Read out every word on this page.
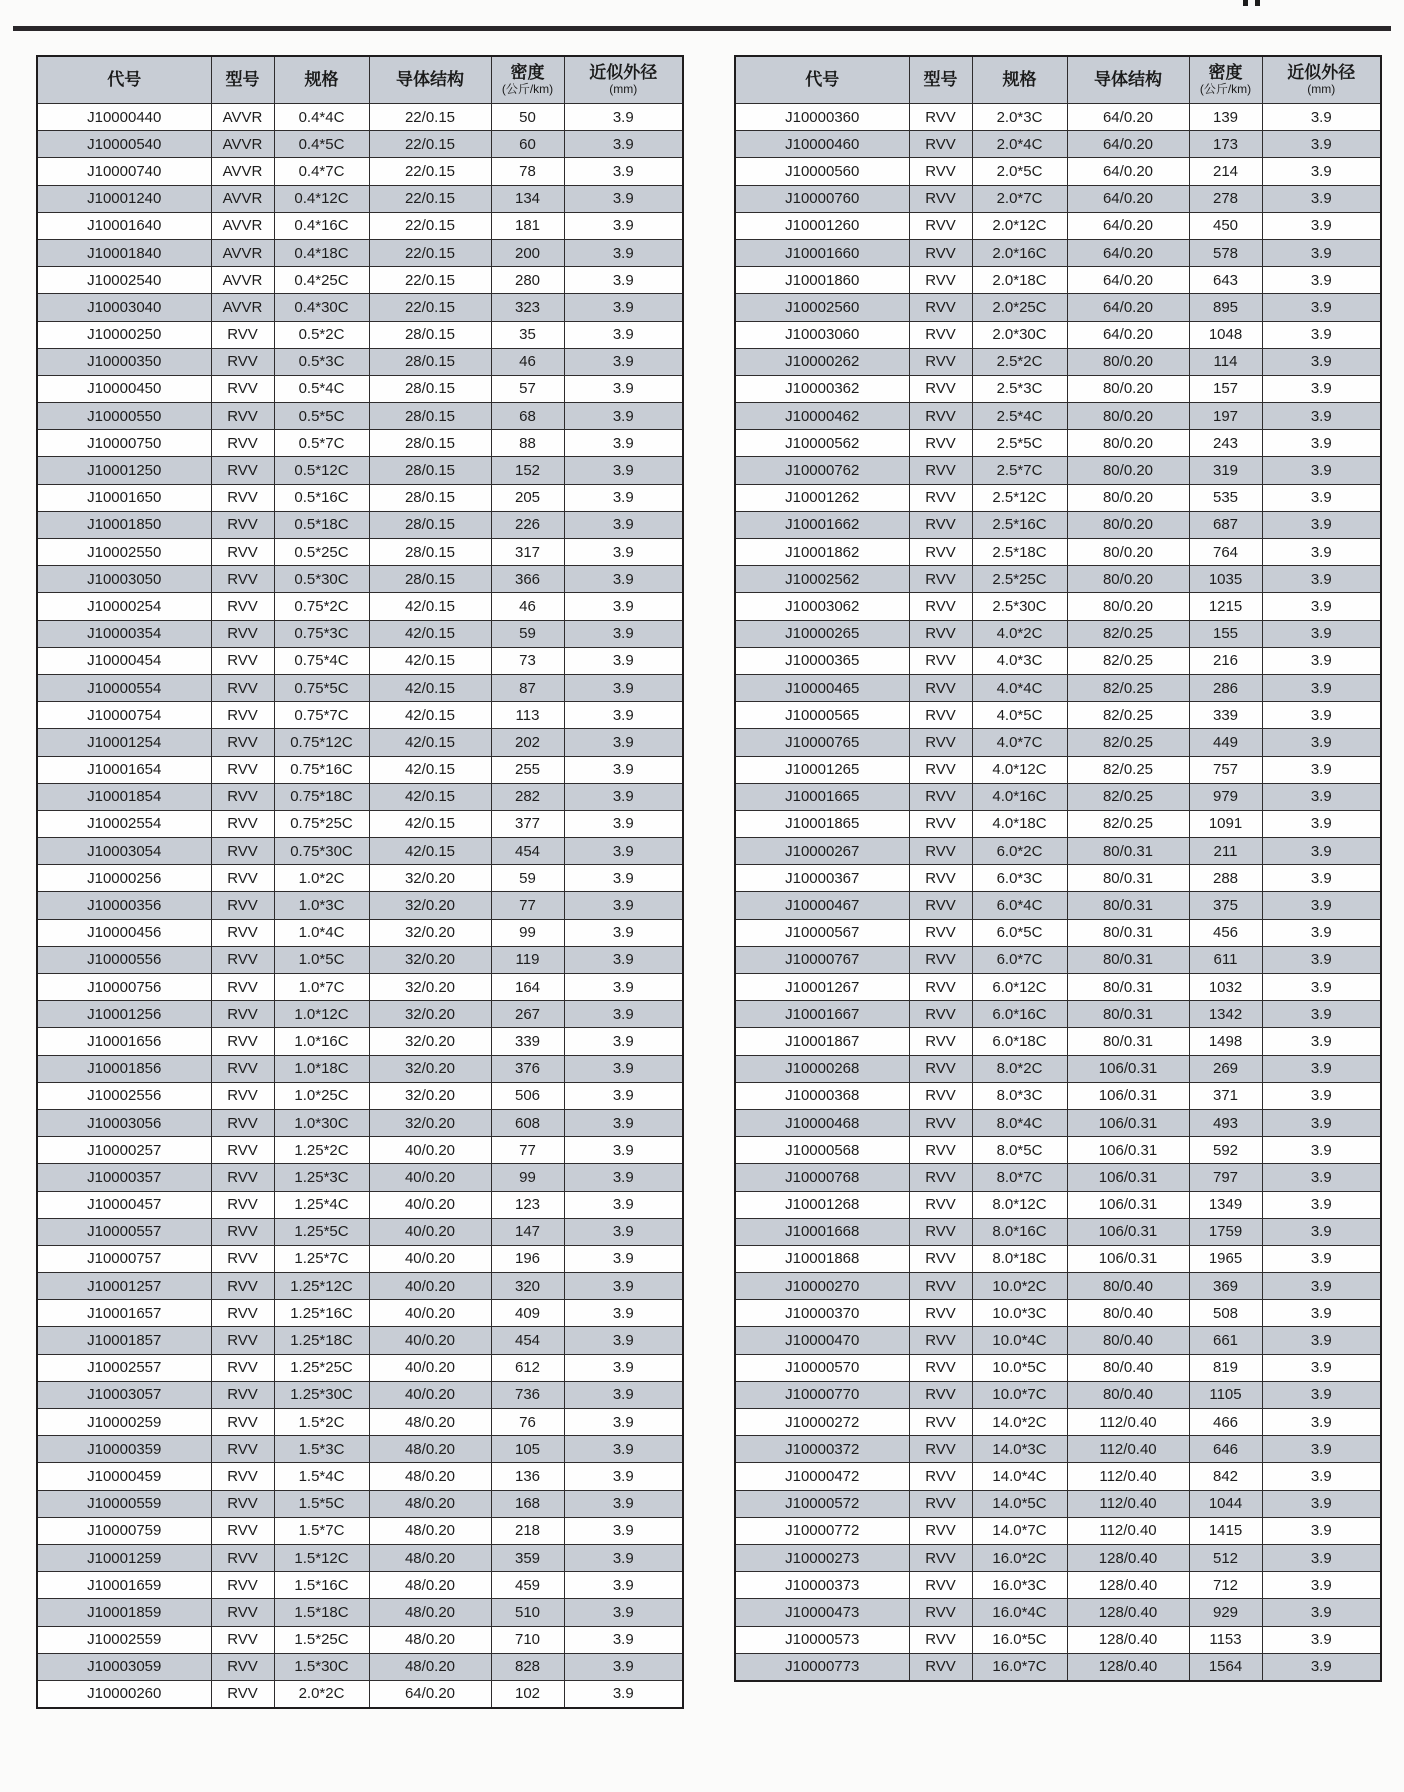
代号	型号	规格	导体结构	密度
(公斤/km)	近似外径
(mm)

J10000440	AVVR	0.4*4C	22/0.15	50	3.9
J10000540	AVVR	0.4*5C	22/0.15	60	3.9
J10000740	AVVR	0.4*7C	22/0.15	78	3.9
J10001240	AVVR	0.4*12C	22/0.15	134	3.9
J10001640	AVVR	0.4*16C	22/0.15	181	3.9
J10001840	AVVR	0.4*18C	22/0.15	200	3.9
J10002540	AVVR	0.4*25C	22/0.15	280	3.9
J10003040	AVVR	0.4*30C	22/0.15	323	3.9
J10000250	RVV	0.5*2C	28/0.15	35	3.9
J10000350	RVV	0.5*3C	28/0.15	46	3.9
J10000450	RVV	0.5*4C	28/0.15	57	3.9
J10000550	RVV	0.5*5C	28/0.15	68	3.9
J10000750	RVV	0.5*7C	28/0.15	88	3.9
J10001250	RVV	0.5*12C	28/0.15	152	3.9
J10001650	RVV	0.5*16C	28/0.15	205	3.9
J10001850	RVV	0.5*18C	28/0.15	226	3.9
J10002550	RVV	0.5*25C	28/0.15	317	3.9
J10003050	RVV	0.5*30C	28/0.15	366	3.9
J10000254	RVV	0.75*2C	42/0.15	46	3.9
J10000354	RVV	0.75*3C	42/0.15	59	3.9
J10000454	RVV	0.75*4C	42/0.15	73	3.9
J10000554	RVV	0.75*5C	42/0.15	87	3.9
J10000754	RVV	0.75*7C	42/0.15	113	3.9
J10001254	RVV	0.75*12C	42/0.15	202	3.9
J10001654	RVV	0.75*16C	42/0.15	255	3.9
J10001854	RVV	0.75*18C	42/0.15	282	3.9
J10002554	RVV	0.75*25C	42/0.15	377	3.9
J10003054	RVV	0.75*30C	42/0.15	454	3.9
J10000256	RVV	1.0*2C	32/0.20	59	3.9
J10000356	RVV	1.0*3C	32/0.20	77	3.9
J10000456	RVV	1.0*4C	32/0.20	99	3.9
J10000556	RVV	1.0*5C	32/0.20	119	3.9
J10000756	RVV	1.0*7C	32/0.20	164	3.9
J10001256	RVV	1.0*12C	32/0.20	267	3.9
J10001656	RVV	1.0*16C	32/0.20	339	3.9
J10001856	RVV	1.0*18C	32/0.20	376	3.9
J10002556	RVV	1.0*25C	32/0.20	506	3.9
J10003056	RVV	1.0*30C	32/0.20	608	3.9
J10000257	RVV	1.25*2C	40/0.20	77	3.9
J10000357	RVV	1.25*3C	40/0.20	99	3.9
J10000457	RVV	1.25*4C	40/0.20	123	3.9
J10000557	RVV	1.25*5C	40/0.20	147	3.9
J10000757	RVV	1.25*7C	40/0.20	196	3.9
J10001257	RVV	1.25*12C	40/0.20	320	3.9
J10001657	RVV	1.25*16C	40/0.20	409	3.9
J10001857	RVV	1.25*18C	40/0.20	454	3.9
J10002557	RVV	1.25*25C	40/0.20	612	3.9
J10003057	RVV	1.25*30C	40/0.20	736	3.9
J10000259	RVV	1.5*2C	48/0.20	76	3.9
J10000359	RVV	1.5*3C	48/0.20	105	3.9
J10000459	RVV	1.5*4C	48/0.20	136	3.9
J10000559	RVV	1.5*5C	48/0.20	168	3.9
J10000759	RVV	1.5*7C	48/0.20	218	3.9
J10001259	RVV	1.5*12C	48/0.20	359	3.9
J10001659	RVV	1.5*16C	48/0.20	459	3.9
J10001859	RVV	1.5*18C	48/0.20	510	3.9
J10002559	RVV	1.5*25C	48/0.20	710	3.9
J10003059	RVV	1.5*30C	48/0.20	828	3.9
J10000260	RVV	2.0*2C	64/0.20	102	3.9
代号	型号	规格	导体结构	密度
(公斤/km)	近似外径
(mm)

J10000360	RVV	2.0*3C	64/0.20	139	3.9
J10000460	RVV	2.0*4C	64/0.20	173	3.9
J10000560	RVV	2.0*5C	64/0.20	214	3.9
J10000760	RVV	2.0*7C	64/0.20	278	3.9
J10001260	RVV	2.0*12C	64/0.20	450	3.9
J10001660	RVV	2.0*16C	64/0.20	578	3.9
J10001860	RVV	2.0*18C	64/0.20	643	3.9
J10002560	RVV	2.0*25C	64/0.20	895	3.9
J10003060	RVV	2.0*30C	64/0.20	1048	3.9
J10000262	RVV	2.5*2C	80/0.20	114	3.9
J10000362	RVV	2.5*3C	80/0.20	157	3.9
J10000462	RVV	2.5*4C	80/0.20	197	3.9
J10000562	RVV	2.5*5C	80/0.20	243	3.9
J10000762	RVV	2.5*7C	80/0.20	319	3.9
J10001262	RVV	2.5*12C	80/0.20	535	3.9
J10001662	RVV	2.5*16C	80/0.20	687	3.9
J10001862	RVV	2.5*18C	80/0.20	764	3.9
J10002562	RVV	2.5*25C	80/0.20	1035	3.9
J10003062	RVV	2.5*30C	80/0.20	1215	3.9
J10000265	RVV	4.0*2C	82/0.25	155	3.9
J10000365	RVV	4.0*3C	82/0.25	216	3.9
J10000465	RVV	4.0*4C	82/0.25	286	3.9
J10000565	RVV	4.0*5C	82/0.25	339	3.9
J10000765	RVV	4.0*7C	82/0.25	449	3.9
J10001265	RVV	4.0*12C	82/0.25	757	3.9
J10001665	RVV	4.0*16C	82/0.25	979	3.9
J10001865	RVV	4.0*18C	82/0.25	1091	3.9
J10000267	RVV	6.0*2C	80/0.31	211	3.9
J10000367	RVV	6.0*3C	80/0.31	288	3.9
J10000467	RVV	6.0*4C	80/0.31	375	3.9
J10000567	RVV	6.0*5C	80/0.31	456	3.9
J10000767	RVV	6.0*7C	80/0.31	611	3.9
J10001267	RVV	6.0*12C	80/0.31	1032	3.9
J10001667	RVV	6.0*16C	80/0.31	1342	3.9
J10001867	RVV	6.0*18C	80/0.31	1498	3.9
J10000268	RVV	8.0*2C	106/0.31	269	3.9
J10000368	RVV	8.0*3C	106/0.31	371	3.9
J10000468	RVV	8.0*4C	106/0.31	493	3.9
J10000568	RVV	8.0*5C	106/0.31	592	3.9
J10000768	RVV	8.0*7C	106/0.31	797	3.9
J10001268	RVV	8.0*12C	106/0.31	1349	3.9
J10001668	RVV	8.0*16C	106/0.31	1759	3.9
J10001868	RVV	8.0*18C	106/0.31	1965	3.9
J10000270	RVV	10.0*2C	80/0.40	369	3.9
J10000370	RVV	10.0*3C	80/0.40	508	3.9
J10000470	RVV	10.0*4C	80/0.40	661	3.9
J10000570	RVV	10.0*5C	80/0.40	819	3.9
J10000770	RVV	10.0*7C	80/0.40	1105	3.9
J10000272	RVV	14.0*2C	112/0.40	466	3.9
J10000372	RVV	14.0*3C	112/0.40	646	3.9
J10000472	RVV	14.0*4C	112/0.40	842	3.9
J10000572	RVV	14.0*5C	112/0.40	1044	3.9
J10000772	RVV	14.0*7C	112/0.40	1415	3.9
J10000273	RVV	16.0*2C	128/0.40	512	3.9
J10000373	RVV	16.0*3C	128/0.40	712	3.9
J10000473	RVV	16.0*4C	128/0.40	929	3.9
J10000573	RVV	16.0*5C	128/0.40	1153	3.9
J10000773	RVV	16.0*7C	128/0.40	1564	3.9
